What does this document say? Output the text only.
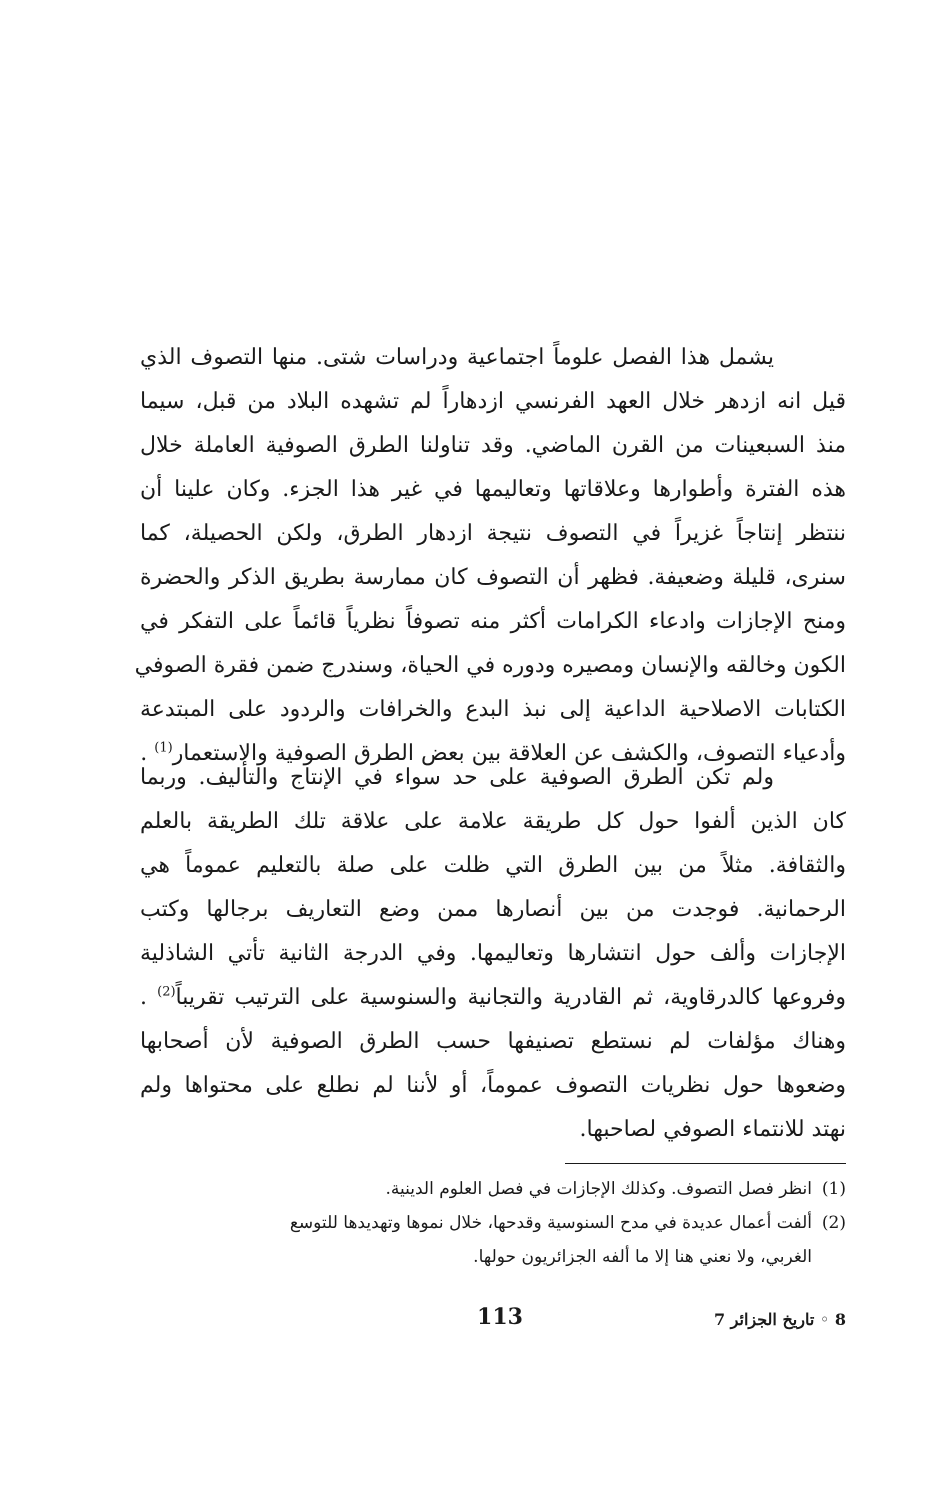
يشمل هذا الفصل علوماً اجتماعية ودراسات شتى. منها التصوف الذي
قيل انه ازدهر خلال العهد الفرنسي ازدهاراً لم تشهده البلاد من قبل، سيما
منذ السبعينات من القرن الماضي. وقد تناولنا الطرق الصوفية العاملة خلال
هذه الفترة وأطوارها وعلاقاتها وتعاليمها في غير هذا الجزء. وكان علينا أن
ننتظر إنتاجاً غزيراً في التصوف نتيجة ازدهار الطرق، ولكن الحصيلة، كما
سنرى، قليلة وضعيفة. فظهر أن التصوف كان ممارسة بطريق الذكر والحضرة
ومنح الإجازات وادعاء الكرامات أكثر منه تصوفاً نظرياً قائماً على التفكر في
الكون وخالقه والإنسان ومصيره ودوره في الحياة، وسندرج ضمن فقرة الصوفي
الكتابات الاصلاحية الداعية إلى نبذ البدع والخرافات والردود على المبتدعة
وأدعياء التصوف، والكشف عن العلاقة بين بعض الطرق الصوفية والاستعمار$^{(1)}$ .
ولم تكن الطرق الصوفية على حد سواء في الإنتاج والتأليف. وربما
كان الذين ألفوا حول كل طريقة علامة على علاقة تلك الطريقة بالعلم
والثقافة. مثلاً من بين الطرق التي ظلت على صلة بالتعليم عموماً هي
الرحمانية. فوجدت من بين أنصارها ممن وضع التعاريف برجالها وكتب
الإجازات وألف حول انتشارها وتعاليمها. وفي الدرجة الثانية تأتي الشاذلية
وفروعها كالدرقاوية، ثم القادرية والتجانية والسنوسية على الترتيب تقريباً$^{(2)}$ .
وهناك مؤلفات لم نستطع تصنيفها حسب الطرق الصوفية لأن أصحابها
وضعوها حول نظريات التصوف عموماً، أو لأننا لم نطلع على محتواها ولم
نهتد للانتماء الصوفي لصاحبها.
(1)انظر فصل التصوف. وكذلك الإجازات في فصل العلوم الدينية.
(2)ألفت أعمال عديدة في مدح السنوسية وقدحها، خلال نموها وتهديدها للتوسع
الغربي، ولا نعني هنا إلا ما ألفه الجزائريون حولها.
113	8 ◦ تاريخ الجزائر 7
